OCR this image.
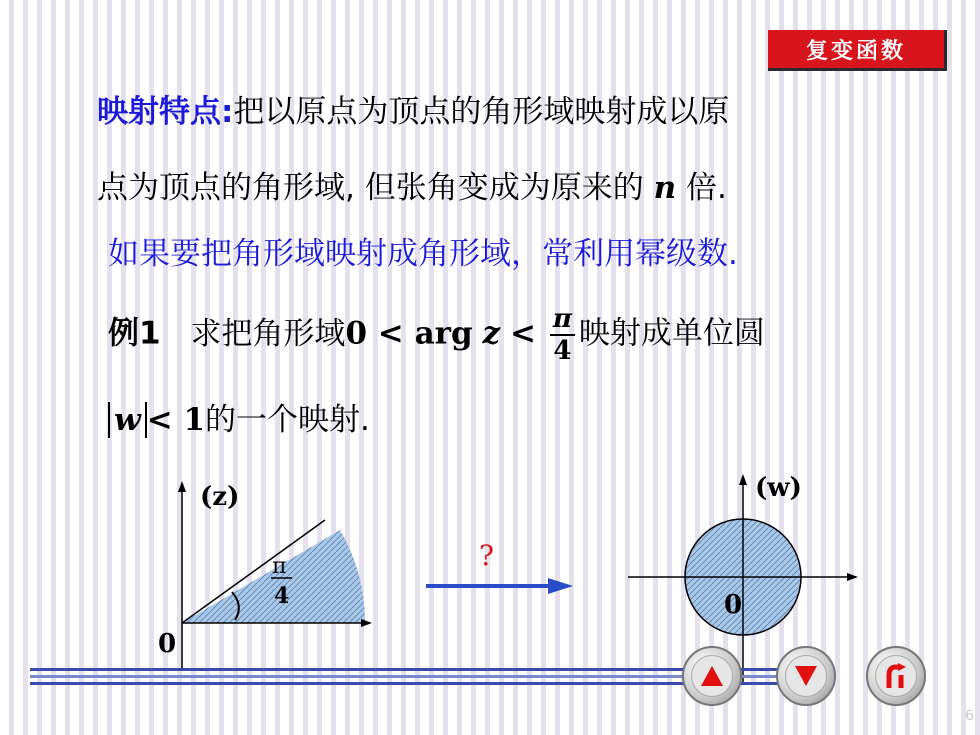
复变函数
映射特点:把以原点为顶点的角形域映射成以原
点为顶点的角形域, 但张角变成为原来的 n 倍.
如果要把角形域映射成角形域，常利用幂级数.
例1 求把角形域0 < arg $z < \frac{\pi}{4}$ 映射成单位圆
w < 1的一个映射.
(z)
0
π
4
?
(w)
0
6
